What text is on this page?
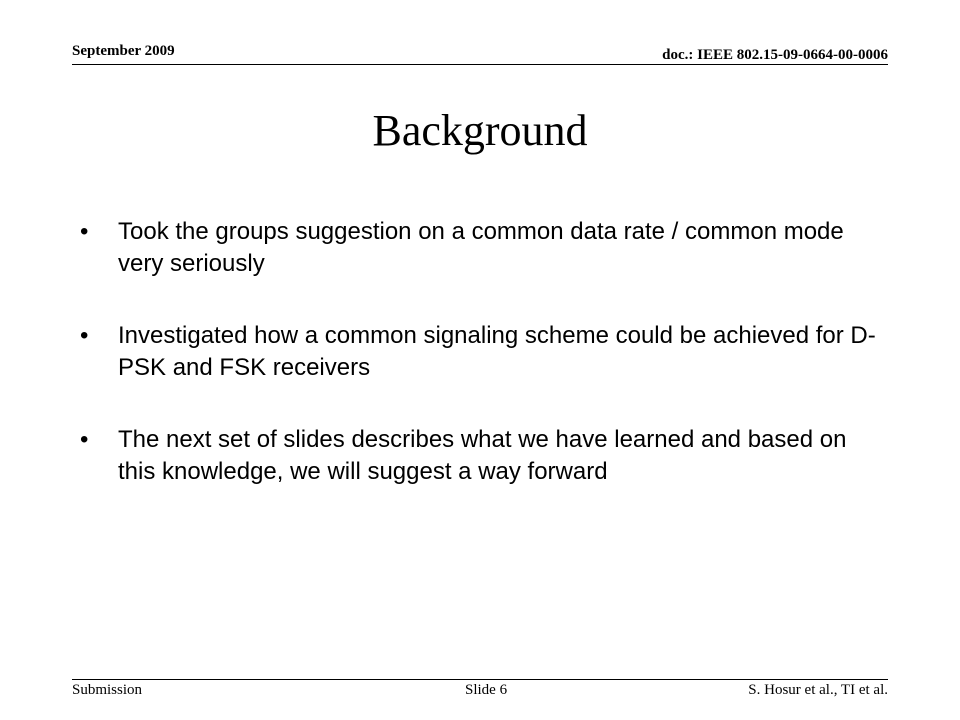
September 2009	doc.: IEEE 802.15-09-0664-00-0006
Background
• Took the groups suggestion on a common data rate / common mode very seriously
• Investigated how a common signaling scheme could be achieved for D-PSK and FSK receivers
• The next set of slides describes what we have learned and based on this knowledge, we will suggest a way forward
Submission	Slide 6	S. Hosur et al., TI et al.
